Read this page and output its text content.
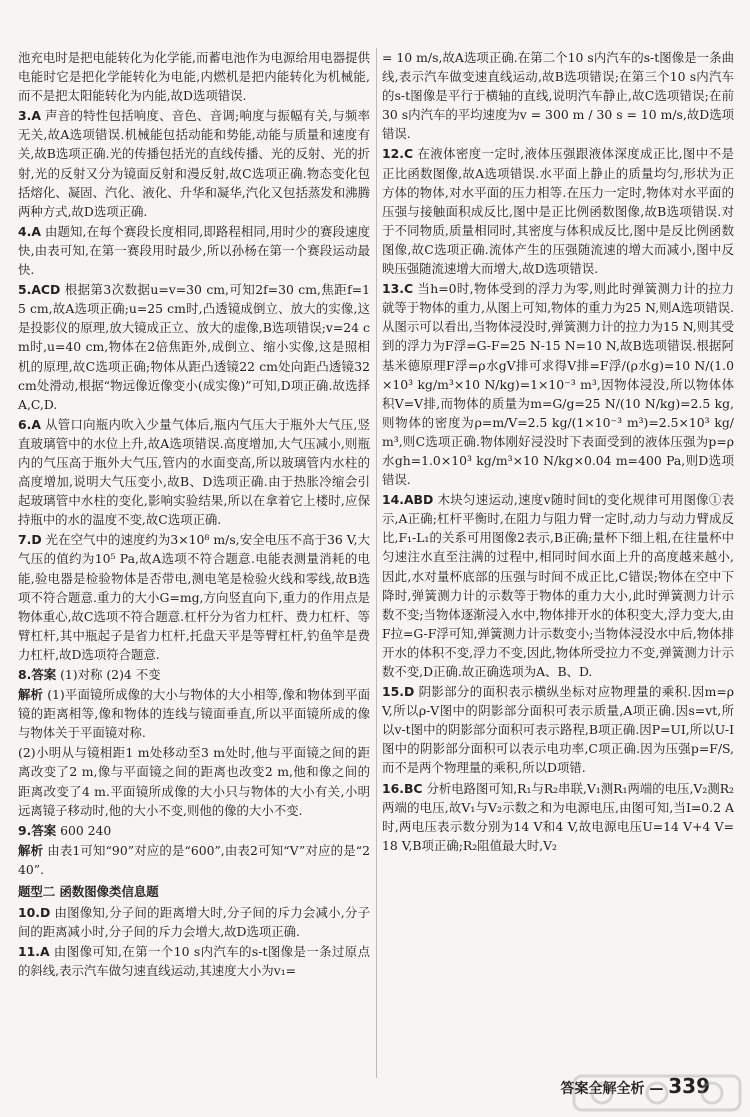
池充电时是把电能转化为化学能,而蓄电池作为电源给用电器提供电能时它是把化学能转化为电能,内燃机是把内能转化为机械能,而不是把太阳能转化为内能,故D选项错误.

3.A 声音的特性包括响度、音色、音调;响度与振幅有关,与频率无关,故A选项错误.机械能包括动能和势能,动能与质量和速度有关,故B选项正确.光的传播包括光的直线传播、光的反射、光的折射,光的反射又分为镜面反射和漫反射,故C选项正确.物态变化包括熔化、凝固、汽化、液化、升华和凝华,汽化又包括蒸发和沸腾两种方式,故D选项正确.

4.A 由题知,在每个赛段长度相同,即路程相同,用时少的赛段速度快,由表可知,在第一赛段用时最少,所以孙杨在第一个赛段运动最快.

5.ACD 根据第3次数据u=v=30 cm,可知2f=30 cm,焦距f=15 cm,故A选项正确;u=25 cm时,凸透镜成倒立、放大的实像,这是投影仪的原理,放大镜成正立、放大的虚像,B选项错误;v=24 cm时,u=40 cm,物体在2倍焦距外,成倒立、缩小实像,这是照相机的原理,故C选项正确;物体从距凸透镜22 cm处向距凸透镜32 cm处滑动,根据“物远像近像变小(成实像)”可知,D项正确.故选择A,C,D.

6.A 从管口向瓶内吹入少量气体后,瓶内气压大于瓶外大气压,竖直玻璃管中的水位上升,故A选项错误.高度增加,大气压减小,则瓶内的气压高于瓶外大气压,管内的水面变高,所以玻璃管内水柱的高度增加,说明大气压变小,故B、D选项正确.由于热胀冷缩会引起玻璃管中水柱的变化,影响实验结果,所以在拿着它上楼时,应保持瓶中的水的温度不变,故C选项正确.

7.D 光在空气中的速度约为3×10⁸ m/s,安全电压不高于36 V,大气压的值约为10⁵ Pa,故A选项不符合题意.电能表测量消耗的电能,验电器是检验物体是否带电,测电笔是检验火线和零线,故B选项不符合题意.重力的大小G=mg,方向竖直向下,重力的作用点是物体重心,故C选项不符合题意.杠杆分为省力杠杆、费力杠杆、等臂杠杆,其中瓶起子是省力杠杆,托盘天平是等臂杠杆,钓鱼竿是费力杠杆,故D选项符合题意.

8.答案 (1)对称 (2)4 不变

解析 (1)平面镜所成像的大小与物体的大小相等,像和物体到平面镜的距离相等,像和物体的连线与镜面垂直,所以平面镜所成的像与物体关于平面镜对称.

(2)小明从与镜相距1 m处移动至3 m处时,他与平面镜之间的距离改变了2 m,像与平面镜之间的距离也改变2 m,他和像之间的距离改变了4 m.平面镜所成像的大小只与物体的大小有关,小明远离镜子移动时,他的大小不变,则他的像的大小不变.

9.答案 600 240

解析 由表1可知“90”对应的是“600”,由表2可知“V”对应的是“240”.

题型二 函数图像类信息题

10.D 由图像知,分子间的距离增大时,分子间的斥力会减小,分子间的距离减小时,分子间的斥力会增大,故D选项正确.

11.A 由图像可知,在第一个10 s内汽车的s-t图像是一条过原点的斜线,表示汽车做匀速直线运动,其速度大小为v₁=

= 10 m/s,故A选项正确.在第二个10 s内汽车的s-t图像是一条曲线,表示汽车做变速直线运动,故B选项错误;在第三个10 s内汽车的s-t图像是平行于横轴的直线,说明汽车静止,故C选项错误;在前30 s内汽车的平均速度为v = 300 m / 30 s = 10 m/s,故D选项错误.

12.C 在液体密度一定时,液体压强跟液体深度成正比,图中不是正比函数图像,故A选项错误.水平面上静止的质量均匀,形状为正方体的物体,对水平面的压力相等.在压力一定时,物体对水平面的压强与接触面积成反比,图中是正比例函数图像,故B选项错误.对于不同物质,质量相同时,其密度与体积成反比,图中是反比例函数图像,故C选项正确.流体产生的压强随流速的增大而减小,图中反映压强随流速增大而增大,故D选项错误.

13.C 当h=0时,物体受到的浮力为零,则此时弹簧测力计的拉力就等于物体的重力,从图上可知,物体的重力为25 N,则A选项错误.从图示可以看出,当物体浸没时,弹簧测力计的拉力为15 N,则其受到的浮力为F浮=G-F=25 N-15 N=10 N,故B选项错误.根据阿基米德原理F浮=ρ水gV排可求得V排=F浮/(ρ水g)=10 N/(1.0×10³ kg/m³×10 N/kg)=1×10⁻³ m³,因物体浸没,所以物体体积V=V排,而物体的质量为m=G/g=25 N/(10 N/kg)=2.5 kg,则物体的密度为ρ=m/V=2.5 kg/(1×10⁻³ m³)=2.5×10³ kg/m³,则C选项正确.物体刚好浸没时下表面受到的液体压强为p=ρ水gh=1.0×10³ kg/m³×10 N/kg×0.04 m=400 Pa,则D选项错误.

14.ABD 木块匀速运动,速度v随时间t的变化规律可用图像①表示,A正确;杠杆平衡时,在阻力与阻力臂一定时,动力与动力臂成反比,F₁-L₁的关系可用图像2表示,B正确;量杯下细上粗,在往量杯中匀速注水直至注满的过程中,相同时间水面上升的高度越来越小,因此,水对量杯底部的压强与时间不成正比,C错误;物体在空中下降时,弹簧测力计的示数等于物体的重力大小,此时弹簧测力计示数不变;当物体逐渐浸入水中,物体排开水的体积变大,浮力变大,由F拉=G-F浮可知,弹簧测力计示数变小;当物体浸没水中后,物体排开水的体积不变,浮力不变,因此,物体所受拉力不变,弹簧测力计示数不变,D正确.故正确选项为A、B、D.

15.D 阴影部分的面积表示横纵坐标对应物理量的乘积.因m=ρV,所以ρ-V图中的阴影部分面积可表示质量,A项正确.因s=vt,所以v-t图中的阴影部分面积可表示路程,B项正确.因P=UI,所以U-I图中的阴影部分面积可以表示电功率,C项正确.因为压强p=F/S,而不是两个物理量的乘积,所以D项错.

16.BC 分析电路图可知,R₁与R₂串联,V₁测R₁两端的电压,V₂测R₂两端的电压,故V₁与V₂示数之和为电源电压,由图可知,当I=0.2 A时,两电压表示数分别为14 V和4 V,故电源电压U=14 V+4 V=18 V,B项正确;R₂阻值最大时,V₂

答案全解全析 — 339
